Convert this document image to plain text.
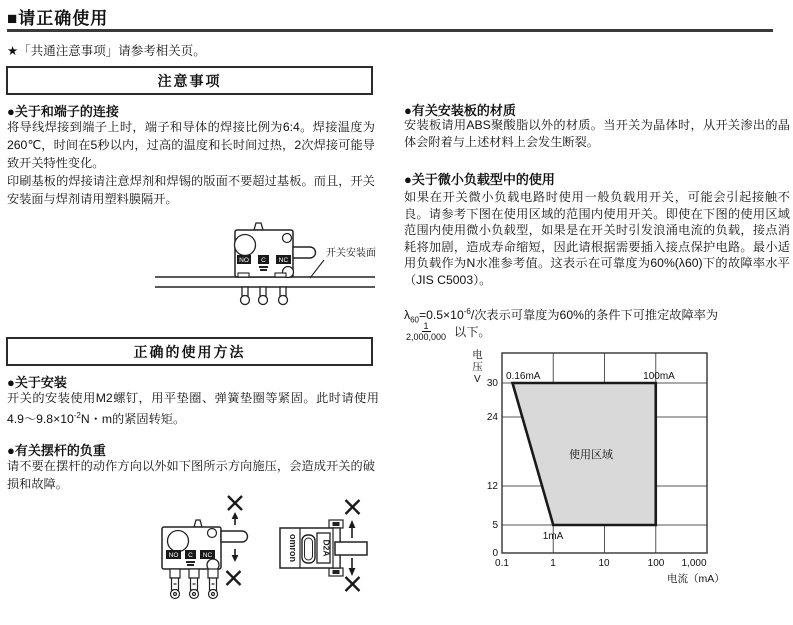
■请正确使用
★「共通注意事项」请参考相关页。
注意事项
●关于和端子的连接
将导线焊接到端子上时，端子和导体的焊接比例为6:4。焊接温度为260℃，时间在5秒以内，过高的温度和长时间过热，2次焊接可能导致开关特性变化。
印刷基板的焊接请注意焊剂和焊锡的版面不要超过基板。而且，开关安装面与焊剂请用塑料膜隔开。
NO C NC
开关安装面
正确的使用方法
●关于安装
开关的安装使用M2螺钉，用平垫圈、弹簧垫圈等紧固。此时请使用$4.9\sim 9.8\times 10^{-2}N$・m的紧固转矩。
●有关摆杆的负重
请不要在摆杆的动作方向以外如下图所示方向施压，会造成开关的破损和故障。
NO C NC	omron	D2A
●有关安装板的材质
安装板请用ABS聚酸脂以外的材质。当开关为晶体时，从开关渗出的晶体会附着与上述材料上会发生断裂。
●关于微小负载型中的使用
如果在开关微小负载电路时使用一般负载用开关，可能会引起接触不良。请参考下图在使用区域的范围内使用开关。即使在下图的使用区域范围内使用微小负载型，如果是在开关时引发浪涌电流的负载，接点消耗将加剧，造成寿命缩短，因此请根据需要插入接点保护电路。最小适用负载作为N水准参考值。这表示在可靠度为60%(λ60)下的故障率水平（JIS C5003）。
$\lambda_{60}=0.5\times 10^{-6}/$次表示可靠度为60%的条件下可推定故障率为
$\frac{1}{2,000,000}$ 以下。
电压
V 30
24
12
5
0
0.1	1	10	100 1,000
0.16mA	100mA
1mA
使用区域
电流（mA）
